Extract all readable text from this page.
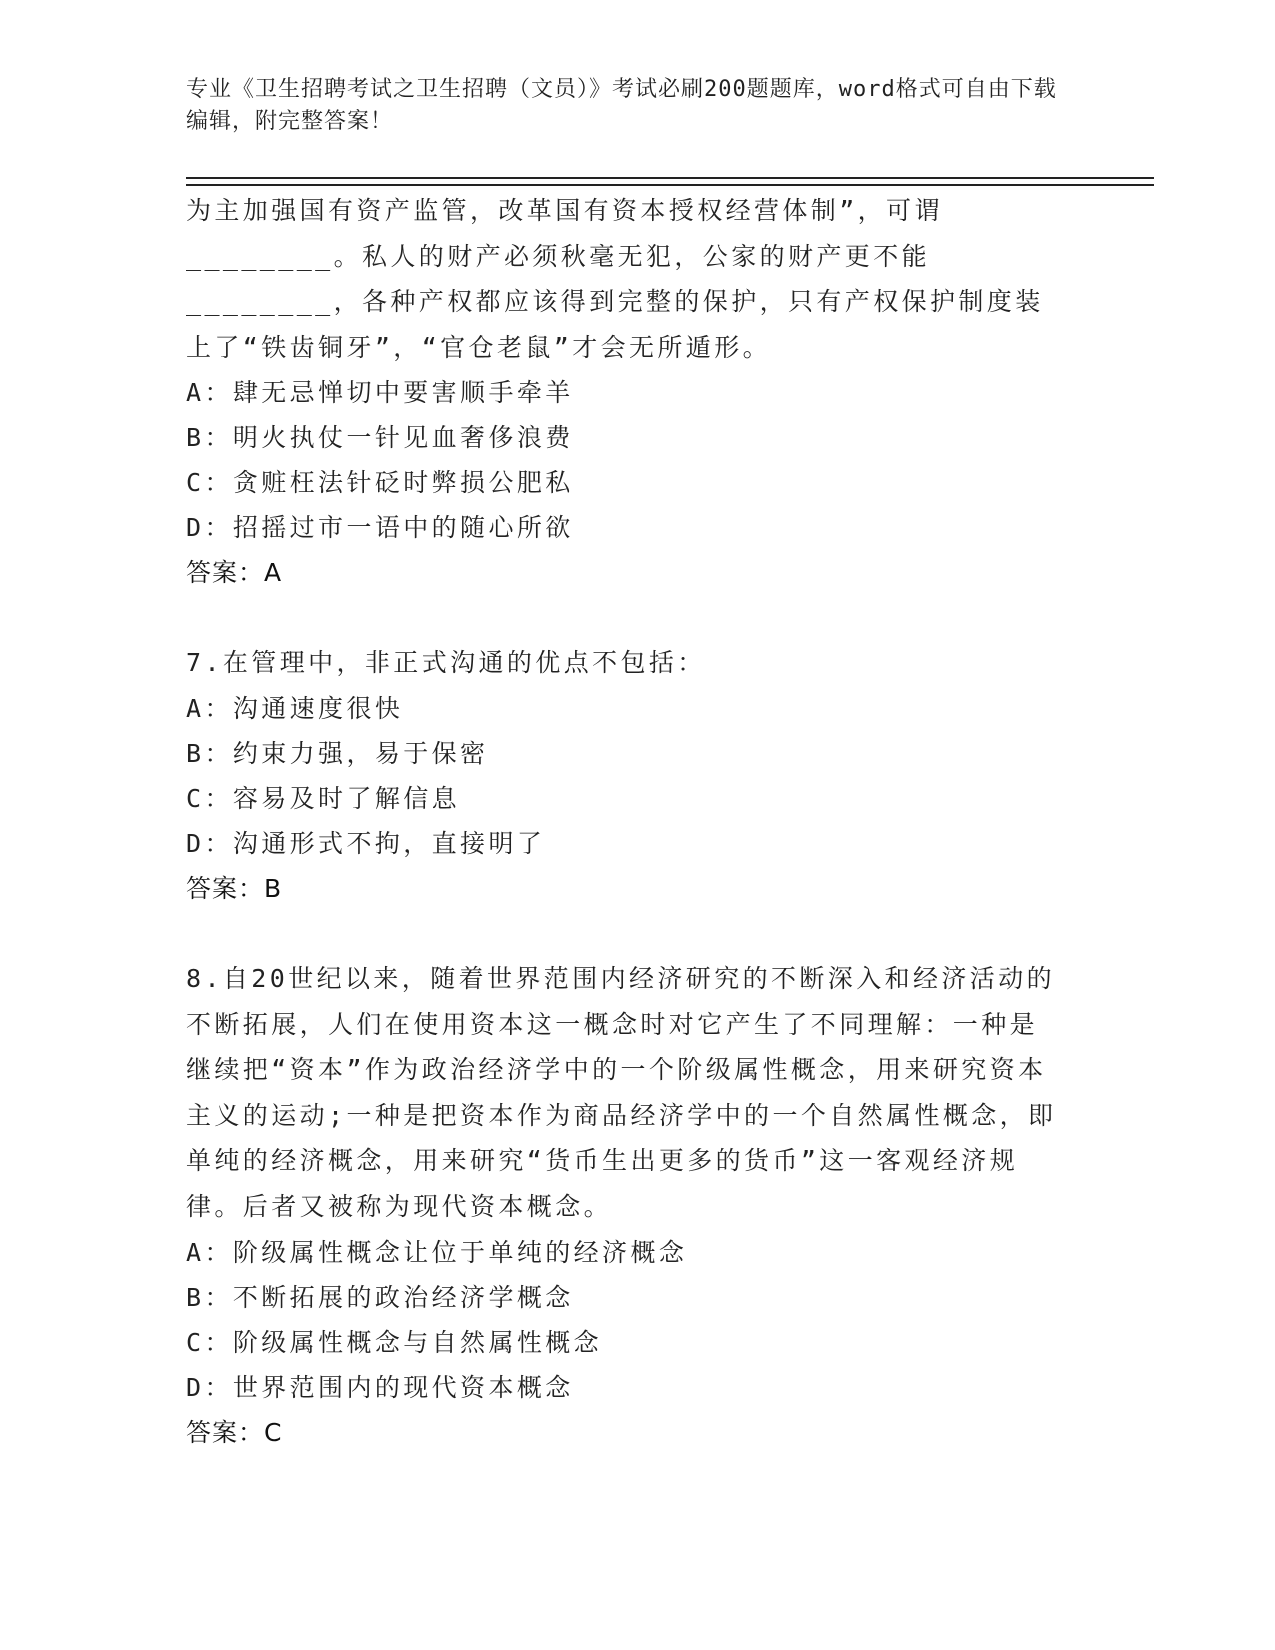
专业《卫生招聘考试之卫生招聘（文员）》考试必刷200题题库，word格式可自由下载编辑，附完整答案！

为主加强国有资产监管，改革国有资本授权经营体制”，可谓________。私人的财产必须秋毫无犯，公家的财产更不能________，各种产权都应该得到完整的保护，只有产权保护制度装上了“铁齿铜牙”，“官仓老鼠”才会无所遁形。

A：肆无忌惮切中要害顺手牵羊
B：明火执仗一针见血奢侈浪费
C：贪赃枉法针砭时弊损公肥私
D：招摇过市一语中的随心所欲
答案：A

7.在管理中，非正式沟通的优点不包括：

A：沟通速度很快
B：约束力强，易于保密
C：容易及时了解信息
D：沟通形式不拘，直接明了
答案：B

8.自20世纪以来，随着世界范围内经济研究的不断深入和经济活动的不断拓展，人们在使用资本这一概念时对它产生了不同理解：一种是继续把“资本”作为政治经济学中的一个阶级属性概念，用来研究资本主义的运动;一种是把资本作为商品经济学中的一个自然属性概念，即单纯的经济概念，用来研究“货币生出更多的货币”这一客观经济规律。后者又被称为现代资本概念。

A：阶级属性概念让位于单纯的经济概念
B：不断拓展的政治经济学概念
C：阶级属性概念与自然属性概念
D：世界范围内的现代资本概念
答案：C
